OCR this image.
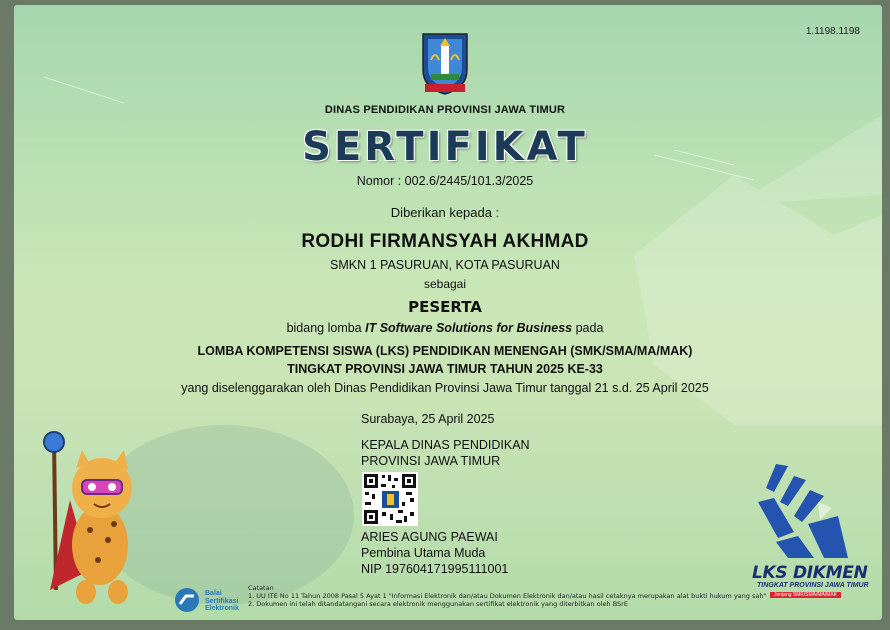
1.1198.1198
DINAS PENDIDIKAN PROVINSI JAWA TIMUR
SERTIFIKAT
Nomor : 002.6/2445/101.3/2025
Diberikan kepada :
RODHI FIRMANSYAH AKHMAD
SMKN 1 PASURUAN, KOTA PASURUAN
sebagai
PESERTA
bidang lomba IT Software Solutions for Business pada
LOMBA KOMPETENSI SISWA (LKS) PENDIDIKAN MENENGAH (SMK/SMA/MA/MAK)
TINGKAT PROVINSI JAWA TIMUR TAHUN 2025 KE-33
yang diselenggarakan oleh Dinas Pendidikan Provinsi Jawa Timur tanggal 21 s.d. 25 April 2025
Surabaya, 25 April 2025
KEPALA DINAS PENDIDIKAN
PROVINSI JAWA TIMUR
ARIES AGUNG PAEWAI
Pembina Utama Muda
NIP 197604171995111001
Balai
Sertifikasi
Elektronik
Catatan
1. UU ITE No 11 Tahun 2008 Pasal 5 Ayat 1 "Informasi Elektronik dan/atau Dokumen Elektronik dan/atau hasil cetaknya merupakan alat bukti hukum yang sah"
2. Dokumen ini telah ditandatangani secara elektronik menggunakan sertifikat elektronik yang diterbitkan oleh BSrE
LKS DIKMEN
TINGKAT PROVINSI JAWA TIMUR
Jenjang SMK/SMA/MA/MAK
